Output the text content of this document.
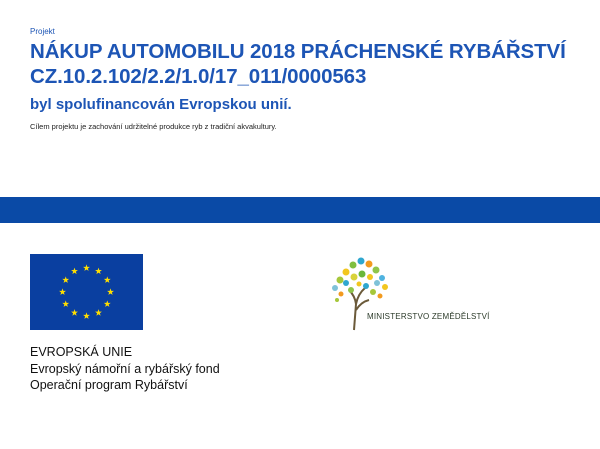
Projekt
NÁKUP AUTOMOBILU 2018 PRÁCHENSKÉ RYBÁŘSTVÍ CZ.10.2.102/2.2/1.0/17_011/0000563

byl spolufinancován Evropskou unií.

Cílem projektu je zachování udržitelné produkce ryb z tradiční akvakultury.

EVROPSKÁ UNIE
Evropský námořní a rybářský fond
Operační program Rybářství
MINISTERSTVO ZEMĚDĚLSTVÍ
